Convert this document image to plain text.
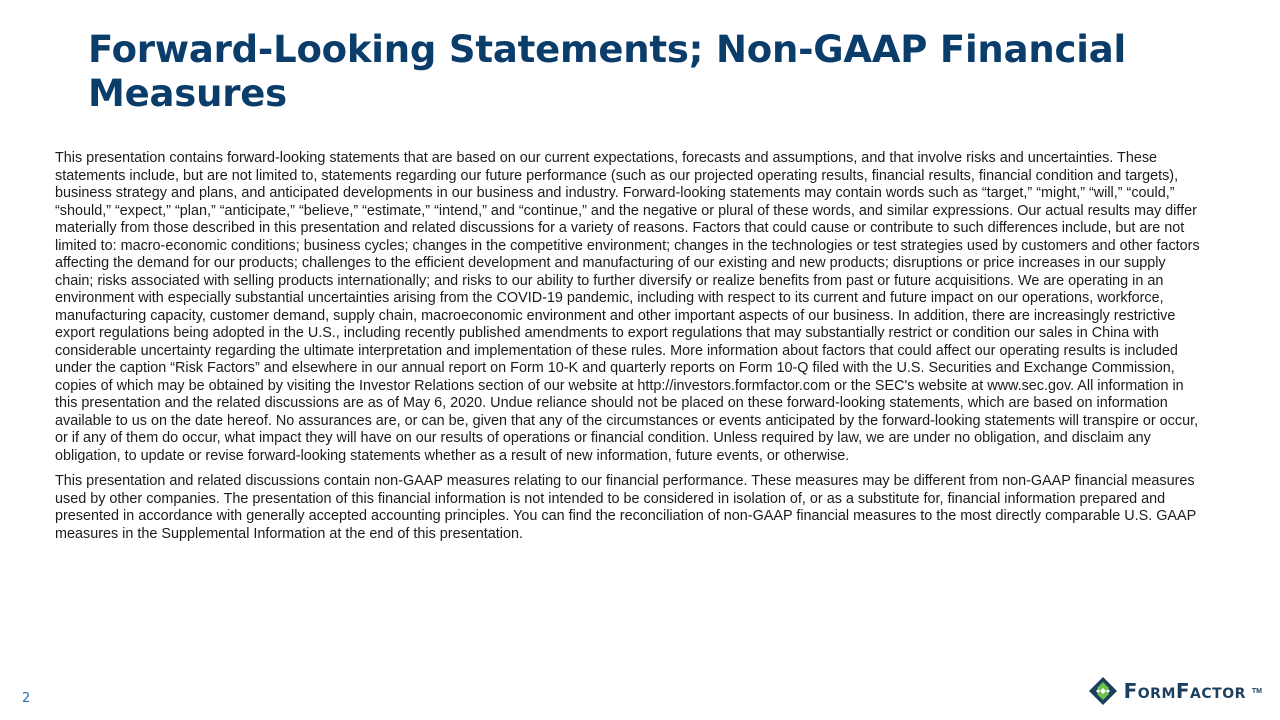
Forward-Looking Statements; Non-GAAP Financial Measures

This presentation contains forward-looking statements that are based on our current expectations, forecasts and assumptions, and that involve risks and uncertainties. These statements include, but are not limited to, statements regarding our future performance (such as our projected operating results, financial results, financial condition and targets), business strategy and plans, and anticipated developments in our business and industry. Forward-looking statements may contain words such as “target,” “might,” “will,” “could,” “should,” “expect,” “plan,” “anticipate,” “believe,” “estimate,” “intend,” and “continue,” and the negative or plural of these words, and similar expressions. Our actual results may differ materially from those described in this presentation and related discussions for a variety of reasons. Factors that could cause or contribute to such differences include, but are not limited to: macro-economic conditions; business cycles; changes in the competitive environment; changes in the technologies or test strategies used by customers and other factors affecting the demand for our products; challenges to the efficient development and manufacturing of our existing and new products; disruptions or price increases in our supply chain; risks associated with selling products internationally; and risks to our ability to further diversify or realize benefits from past or future acquisitions. We are operating in an environment with especially substantial uncertainties arising from the COVID-19 pandemic, including with respect to its current and future impact on our operations, workforce, manufacturing capacity, customer demand, supply chain, macroeconomic environment and other important aspects of our business. In addition, there are increasingly restrictive export regulations being adopted in the U.S., including recently published amendments to export regulations that may substantially restrict or condition our sales in China with considerable uncertainty regarding the ultimate interpretation and implementation of these rules. More information about factors that could affect our operating results is included under the caption “Risk Factors” and elsewhere in our annual report on Form 10-K and quarterly reports on Form 10-Q filed with the U.S. Securities and Exchange Commission, copies of which may be obtained by visiting the Investor Relations section of our website at http://investors.formfactor.com or the SEC's website at www.sec.gov. All information in this presentation and the related discussions are as of May 6, 2020. Undue reliance should not be placed on these forward-looking statements, which are based on information available to us on the date hereof. No assurances are, or can be, given that any of the circumstances or events anticipated by the forward-looking statements will transpire or occur, or if any of them do occur, what impact they will have on our results of operations or financial condition. Unless required by law, we are under no obligation, and disclaim any obligation, to update or revise forward-looking statements whether as a result of new information, future events, or otherwise.

This presentation and related discussions contain non-GAAP measures relating to our financial performance. These measures may be different from non-GAAP financial measures used by other companies. The presentation of this financial information is not intended to be considered in isolation of, or as a substitute for, financial information prepared and presented in accordance with generally accepted accounting principles. You can find the reconciliation of non-GAAP financial measures to the most directly comparable U.S. GAAP measures in the Supplemental Information at the end of this presentation.

2	FormFactor TM
